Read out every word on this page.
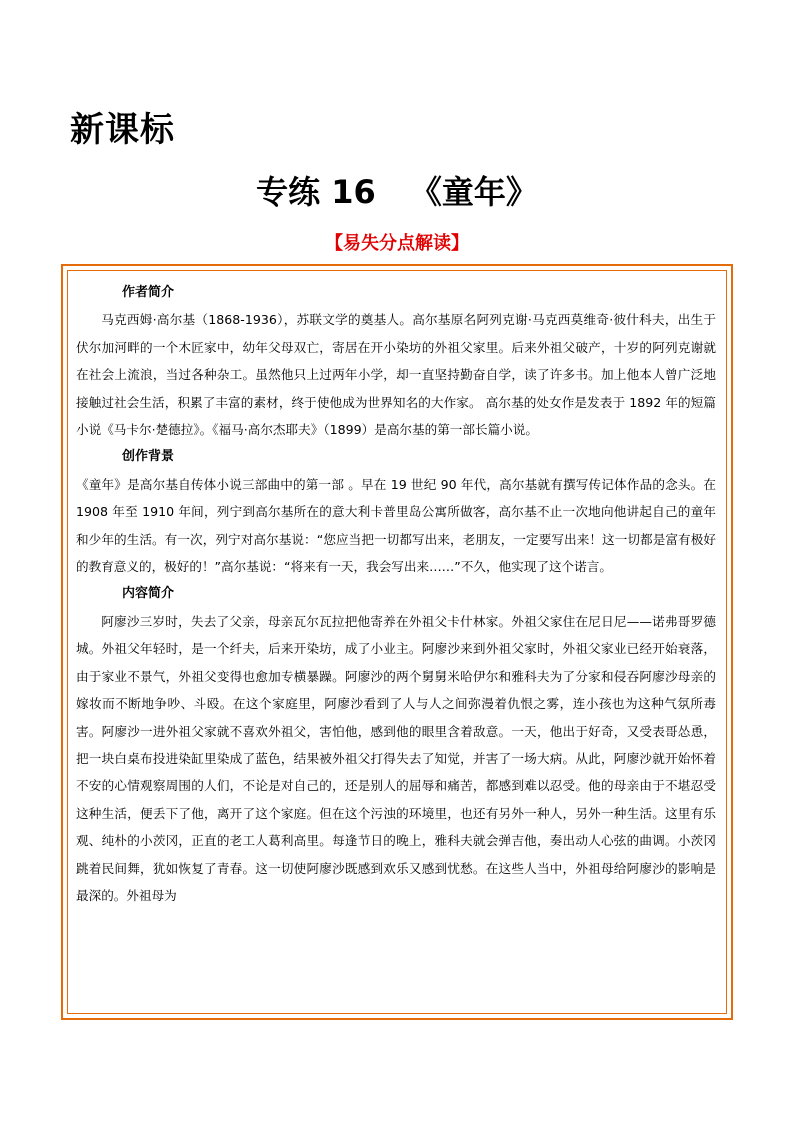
新课标
专练 16 《童年》
【易失分点解读】
作者简介

马克西姆·高尔基（1868-1936），苏联文学的奠基人。高尔基原名阿列克谢·马克西莫维奇·彼什科夫，出生于伏尔加河畔的一个木匠家中，幼年父母双亡，寄居在开小染坊的外祖父家里。后来外祖父破产，十岁的阿列克谢就在社会上流浪，当过各种杂工。虽然他只上过两年小学，却一直坚持勤奋自学，读了许多书。加上他本人曾广泛地接触过社会生活，积累了丰富的素材，终于使他成为世界知名的大作家。 高尔基的处女作是发表于 1892 年的短篇小说《马卡尔·楚德拉》。《福马·高尔杰耶夫》（1899）是高尔基的第一部长篇小说。

创作背景

《童年》是高尔基自传体小说三部曲中的第一部 。早在 19 世纪 90 年代，高尔基就有撰写传记体作品的念头。在 1908 年至 1910 年间，列宁到高尔基所在的意大利卡普里岛公寓所做客，高尔基不止一次地向他讲起自己的童年和少年的生活。有一次，列宁对高尔基说：“您应当把一切都写出来，老朋友，一定要写出来！这一切都是富有极好的教育意义的，极好的！”高尔基说：“将来有一天，我会写出来……”不久，他实现了这个诺言。

内容简介

阿廖沙三岁时，失去了父亲，母亲瓦尔瓦拉把他寄养在外祖父卡什林家。外祖父家住在尼日尼——诺弗哥罗德城。外祖父年轻时，是一个纤夫，后来开染坊，成了小业主。阿廖沙来到外祖父家时，外祖父家业已经开始衰落，由于家业不景气，外祖父变得也愈加专横暴躁。阿廖沙的两个舅舅米哈伊尔和雅科夫为了分家和侵吞阿廖沙母亲的嫁妆而不断地争吵、斗殴。在这个家庭里，阿廖沙看到了人与人之间弥漫着仇恨之雾，连小孩也为这种气氛所毒害。阿廖沙一进外祖父家就不喜欢外祖父，害怕他，感到他的眼里含着敌意。一天，他出于好奇，又受表哥怂恿，把一块白桌布投进染缸里染成了蓝色，结果被外祖父打得失去了知觉，并害了一场大病。从此，阿廖沙就开始怀着不安的心情观察周围的人们，不论是对自己的，还是别人的屈辱和痛苦，都感到难以忍受。他的母亲由于不堪忍受这种生活，便丢下了他，离开了这个家庭。但在这个污浊的环境里，也还有另外一种人，另外一种生活。这里有乐观、纯朴的小茨冈，正直的老工人葛利高里。每逢节日的晚上，雅科夫就会弹吉他，奏出动人心弦的曲调。小茨冈跳着民间舞，犹如恢复了青春。这一切使阿廖沙既感到欢乐又感到忧愁。在这些人当中，外祖母给阿廖沙的影响是最深的。外祖母为
